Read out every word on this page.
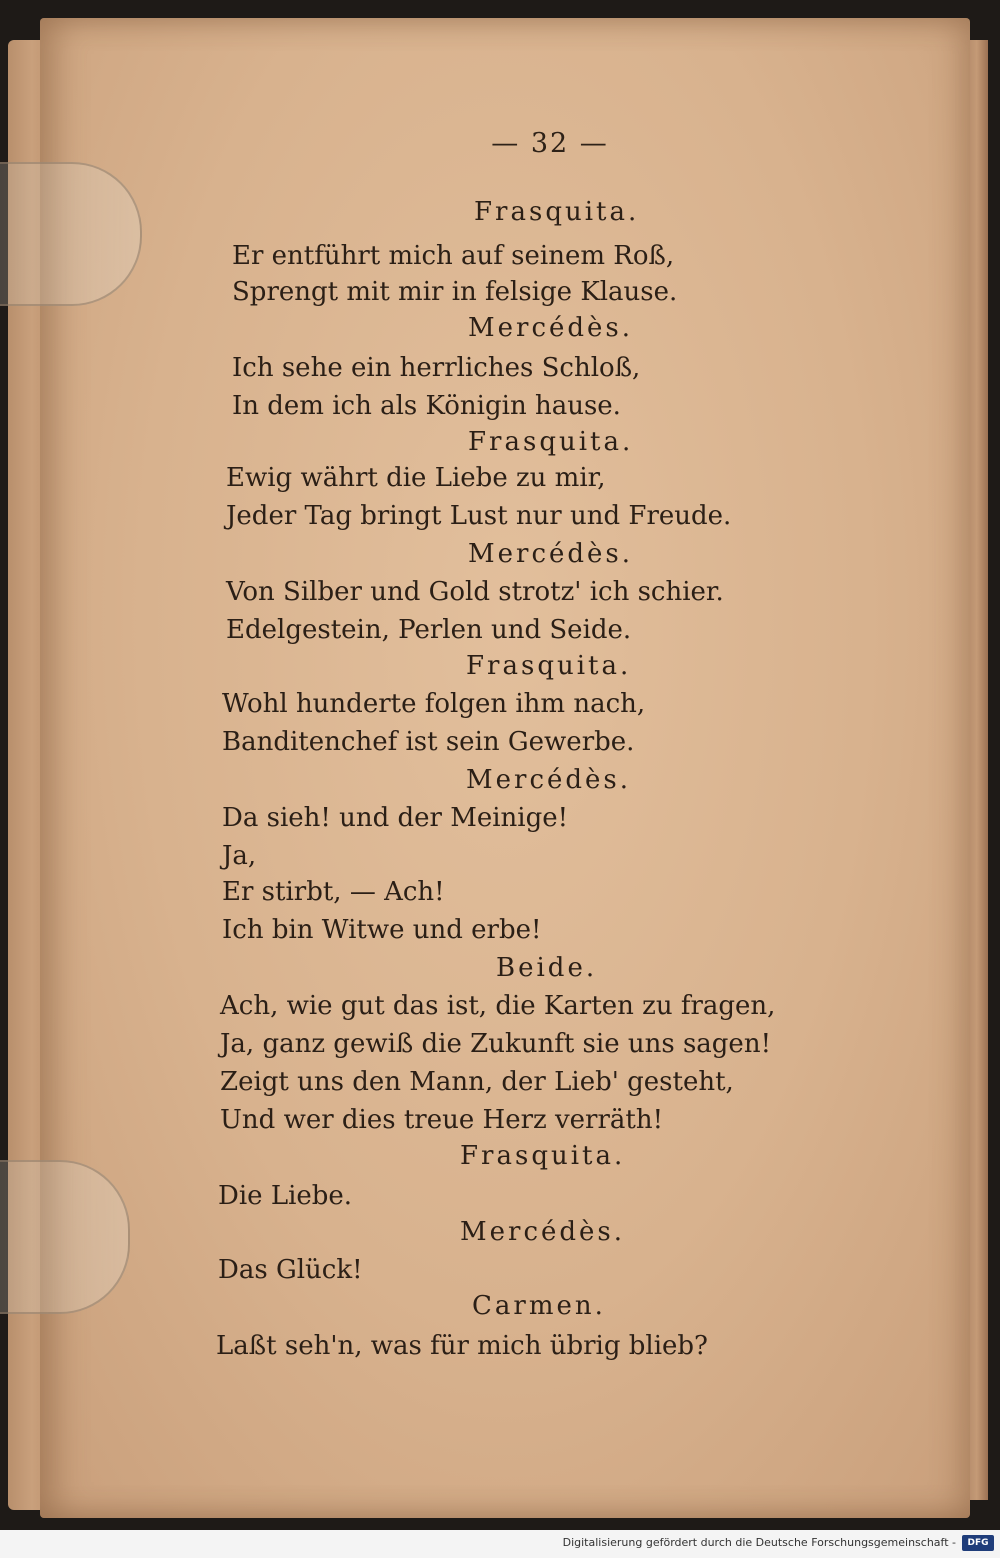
— 32 —
Frasquita.
Er entführt mich auf seinem Roß,
Sprengt mit mir in felsige Klause.
Mercédès.
Ich sehe ein herrliches Schloß,
In dem ich als Königin hause.
Frasquita.
Ewig währt die Liebe zu mir,
Jeder Tag bringt Lust nur und Freude.
Mercédès.
Von Silber und Gold strotz' ich schier.
Edelgestein, Perlen und Seide.
Frasquita.
Wohl hunderte folgen ihm nach,
Banditenchef ist sein Gewerbe.
Mercédès.
Da sieh! und der Meinige!
Ja,
Er stirbt, — Ach!
Ich bin Witwe und erbe!
Beide.
Ach, wie gut das ist, die Karten zu fragen,
Ja, ganz gewiß die Zukunft sie uns sagen!
Zeigt uns den Mann, der Lieb' gesteht,
Und wer dies treue Herz verräth!
Frasquita.
Die Liebe.
Mercédès.
Das Glück!
Carmen.
Laßt seh'n, was für mich übrig blieb?
Digitalisierung gefördert durch die Deutsche Forschungsgemeinschaft -	DFG
